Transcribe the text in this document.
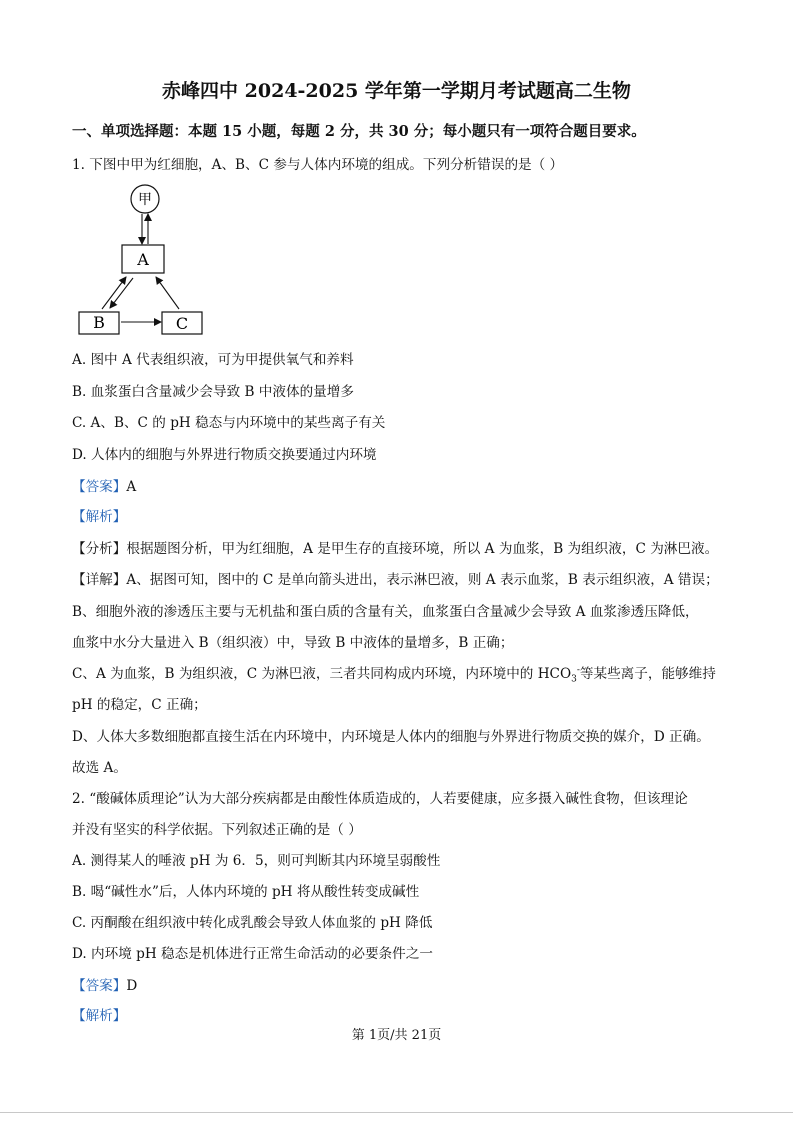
赤峰四中 2024-2025 学年第一学期月考试题高二生物
一、单项选择题：本题 15 小题，每题 2 分，共 30 分；每小题只有一项符合题目要求。
1. 下图中甲为红细胞，A、B、C 参与人体内环境的组成。下列分析错误的是（ ）
甲
A
B	C
A. 图中 A 代表组织液，可为甲提供氧气和养料
B. 血浆蛋白含量减少会导致 B 中液体的量增多
C. A、B、C 的 pH 稳态与内环境中的某些离子有关
D. 人体内的细胞与外界进行物质交换要通过内环境
【答案】A
【解析】
【分析】根据题图分析，甲为红细胞，A 是甲生存的直接环境，所以 A 为血浆，B 为组织液，C 为淋巴液。
【详解】A、据图可知，图中的 C 是单向箭头进出，表示淋巴液，则 A 表示血浆，B 表示组织液，A 错误；
B、细胞外液的渗透压主要与无机盐和蛋白质的含量有关，血浆蛋白含量减少会导致 A 血浆渗透压降低，
血浆中水分大量进入 B（组织液）中，导致 B 中液体的量增多，B 正确；
C、A 为血浆，B 为组织液，C 为淋巴液，三者共同构成内环境，内环境中的 $HCO_3^-$等某些离子，能够维持
pH 的稳定，C 正确；
D、人体大多数细胞都直接生活在内环境中，内环境是人体内的细胞与外界进行物质交换的媒介，D 正确。
故选 A。
2. “酸碱体质理论”认为大部分疾病都是由酸性体质造成的，人若要健康，应多摄入碱性食物，但该理论
并没有坚实的科学依据。下列叙述正确的是（ ）
A. 测得某人的唾液 pH 为 6．5，则可判断其内环境呈弱酸性
B. 喝“碱性水”后，人体内环境的 pH 将从酸性转变成碱性
C. 丙酮酸在组织液中转化成乳酸会导致人体血浆的 pH 降低
D. 内环境 pH 稳态是机体进行正常生命活动的必要条件之一
【答案】D
【解析】
第 1页/共 21页
